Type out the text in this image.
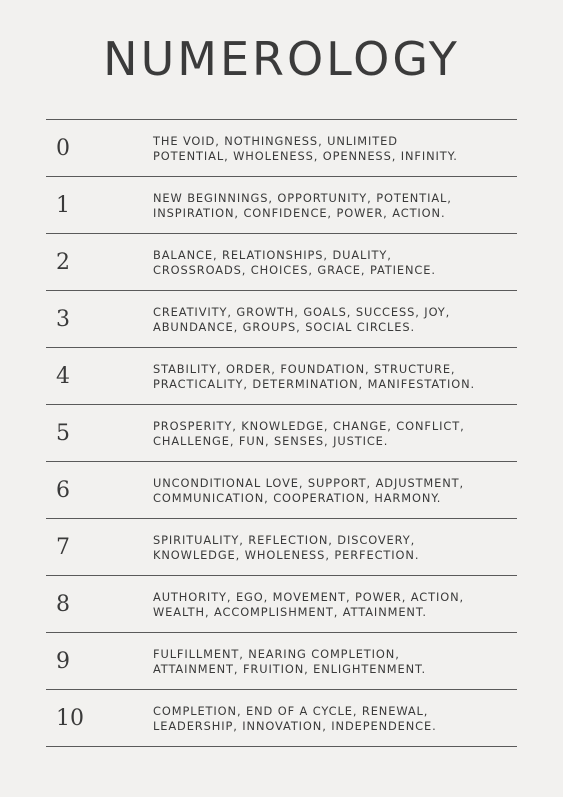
NUMEROLOGY
0	THE VOID, NOTHINGNESS, UNLIMITED
POTENTIAL, WHOLENESS, OPENNESS, INFINITY.
1	NEW BEGINNINGS, OPPORTUNITY, POTENTIAL,
INSPIRATION, CONFIDENCE, POWER, ACTION.
2	BALANCE, RELATIONSHIPS, DUALITY,
CROSSROADS, CHOICES, GRACE, PATIENCE.
3	CREATIVITY, GROWTH, GOALS, SUCCESS, JOY,
ABUNDANCE, GROUPS, SOCIAL CIRCLES.
4	STABILITY, ORDER, FOUNDATION, STRUCTURE,
PRACTICALITY, DETERMINATION, MANIFESTATION.
5	PROSPERITY, KNOWLEDGE, CHANGE, CONFLICT,
CHALLENGE, FUN, SENSES, JUSTICE.
6	UNCONDITIONAL LOVE, SUPPORT, ADJUSTMENT,
COMMUNICATION, COOPERATION, HARMONY.
7	SPIRITUALITY, REFLECTION, DISCOVERY,
KNOWLEDGE, WHOLENESS, PERFECTION.
8	AUTHORITY, EGO, MOVEMENT, POWER, ACTION,
WEALTH, ACCOMPLISHMENT, ATTAINMENT.
9	FULFILLMENT, NEARING COMPLETION,
ATTAINMENT, FRUITION, ENLIGHTENMENT.
10	COMPLETION, END OF A CYCLE, RENEWAL,
LEADERSHIP, INNOVATION, INDEPENDENCE.
